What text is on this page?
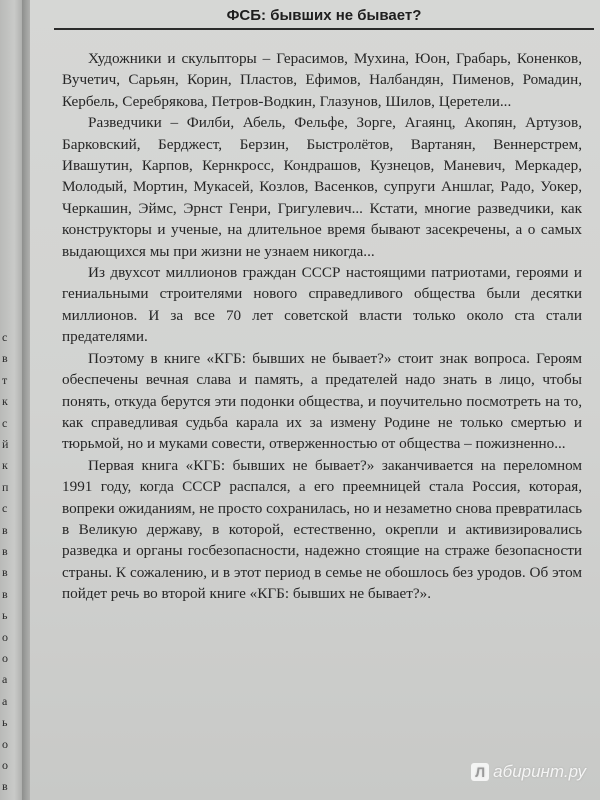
с
в
т
к
с
й
к
п
с
в
в
в
в
ь
о
о
а
а
ь
о
о
в
ФСБ: бывших не бывает?

Художники и скульпторы – Герасимов, Мухина, Юон, Грабарь, Коненков, Вучетич, Сарьян, Корин, Пластов, Ефимов, Налбандян, Пименов, Ромадин, Кербель, Серебрякова, Петров-Водкин, Глазунов, Шилов, Церетели...

Разведчики – Филби, Абель, Фельфе, Зорге, Агаянц, Акопян, Артузов, Барковский, Берджест, Берзин, Быстролётов, Вартанян, Веннерстрем, Ивашутин, Карпов, Кернкросс, Кондрашов, Кузнецов, Маневич, Меркадер, Молодый, Мортин, Мукасей, Козлов, Васенков, супруги Аншлаг, Радо, Уокер, Черкашин, Эймс, Эрнст Генри, Григулевич... Кстати, многие разведчики, как конструкторы и ученые, на длительное время бывают засекречены, а о самых выдающихся мы при жизни не узнаем никогда...

Из двухсот миллионов граждан СССР настоящими патриотами, героями и гениальными строителями нового справедливого общества были десятки миллионов. И за все 70 лет советской власти только около ста стали предателями.

Поэтому в книге «КГБ: бывших не бывает?» стоит знак вопроса. Героям обеспечены вечная слава и память, а предателей надо знать в лицо, чтобы понять, откуда берутся эти подонки общества, и поучительно посмотреть на то, как справедливая судьба карала их за измену Родине не только смертью и тюрьмой, но и муками совести, отверженностью от общества – пожизненно...

Первая книга «КГБ: бывших не бывает?» заканчивается на переломном 1991 году, когда СССР распался, а его преемницей стала Россия, которая, вопреки ожиданиям, не просто сохранилась, но и незаметно снова превратилась в Великую державу, в которой, естественно, окрепли и активизировались разведка и органы госбезопасности, надежно стоящие на страже безопасности страны. К сожалению, и в этот период в семье не обошлось без уродов. Об этом пойдет речь во второй книге «КГБ: бывших не бывает?».

Л абиринт.ру
